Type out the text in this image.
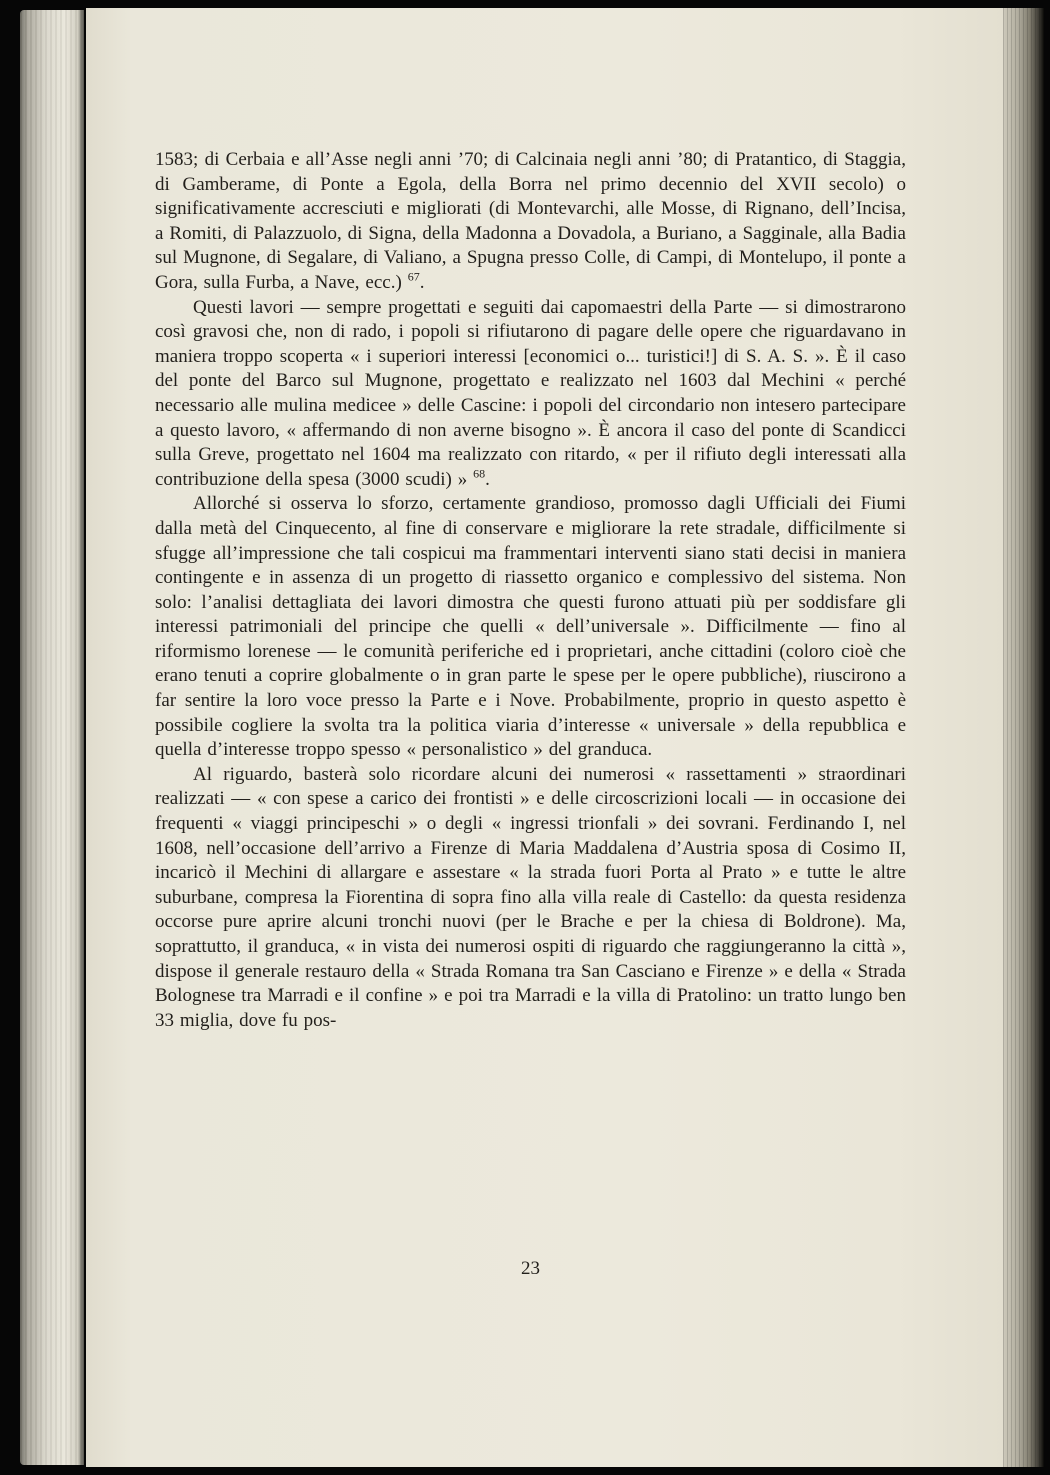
1583; di Cerbaia e all’Asse negli anni ’70; di Calcinaia negli anni ’80; di Pratantico, di Staggia, di Gamberame, di Ponte a Egola, della Borra nel primo decennio del XVII secolo) o significativamente accresciuti e migliorati (di Montevarchi, alle Mosse, di Rignano, dell’Incisa, a Romiti, di Palazzuolo, di Signa, della Madonna a Dovadola, a Buriano, a Sagginale, alla Badia sul Mugnone, di Segalare, di Valiano, a Spugna presso Colle, di Campi, di Montelupo, il ponte a Gora, sulla Furba, a Nave, ecc.) $^{67}$.

Questi lavori — sempre progettati e seguiti dai capomaestri della Parte — si dimostrarono così gravosi che, non di rado, i popoli si rifiutarono di pagare delle opere che riguardavano in maniera troppo scoperta « i superiori interessi [economici o... turistici!] di S. A. S. ». È il caso del ponte del Barco sul Mugnone, progettato e realizzato nel 1603 dal Mechini « perché necessario alle mulina medicee » delle Cascine: i popoli del circondario non intesero partecipare a questo lavoro, « affermando di non averne bisogno ». È ancora il caso del ponte di Scandicci sulla Greve, progettato nel 1604 ma realizzato con ritardo, « per il rifiuto degli interessati alla contribuzione della spesa (3000 scudi) » $^{68}$.

Allorché si osserva lo sforzo, certamente grandioso, promosso dagli Ufficiali dei Fiumi dalla metà del Cinquecento, al fine di conservare e migliorare la rete stradale, difficilmente si sfugge all’impressione che tali cospicui ma frammentari interventi siano stati decisi in maniera contingente e in assenza di un progetto di riassetto organico e complessivo del sistema. Non solo: l’analisi dettagliata dei lavori dimostra che questi furono attuati più per soddisfare gli interessi patrimoniali del principe che quelli « dell’universale ». Difficilmente — fino al riformismo lorenese — le comunità periferiche ed i proprietari, anche cittadini (coloro cioè che erano tenuti a coprire globalmente o in gran parte le spese per le opere pubbliche), riuscirono a far sentire la loro voce presso la Parte e i Nove. Probabilmente, proprio in questo aspetto è possibile cogliere la svolta tra la politica viaria d’interesse « universale » della repubblica e quella d’interesse troppo spesso « personalistico » del granduca.

Al riguardo, basterà solo ricordare alcuni dei numerosi « rassettamenti » straordinari realizzati — « con spese a carico dei frontisti » e delle circoscrizioni locali — in occasione dei frequenti « viaggi principeschi » o degli « ingressi trionfali » dei sovrani. Ferdinando I, nel 1608, nell’occasione dell’arrivo a Firenze di Maria Maddalena d’Austria sposa di Cosimo II, incaricò il Mechini di allargare e assestare « la strada fuori Porta al Prato » e tutte le altre suburbane, compresa la Fiorentina di sopra fino alla villa reale di Castello: da questa residenza occorse pure aprire alcuni tronchi nuovi (per le Brache e per la chiesa di Boldrone). Ma, soprattutto, il granduca, « in vista dei numerosi ospiti di riguardo che raggiungeranno la città », dispose il generale restauro della « Strada Romana tra San Casciano e Firenze » e della « Strada Bolognese tra Marradi e il confine » e poi tra Marradi e la villa di Pratolino: un tratto lungo ben 33 miglia, dove fu pos-

23
